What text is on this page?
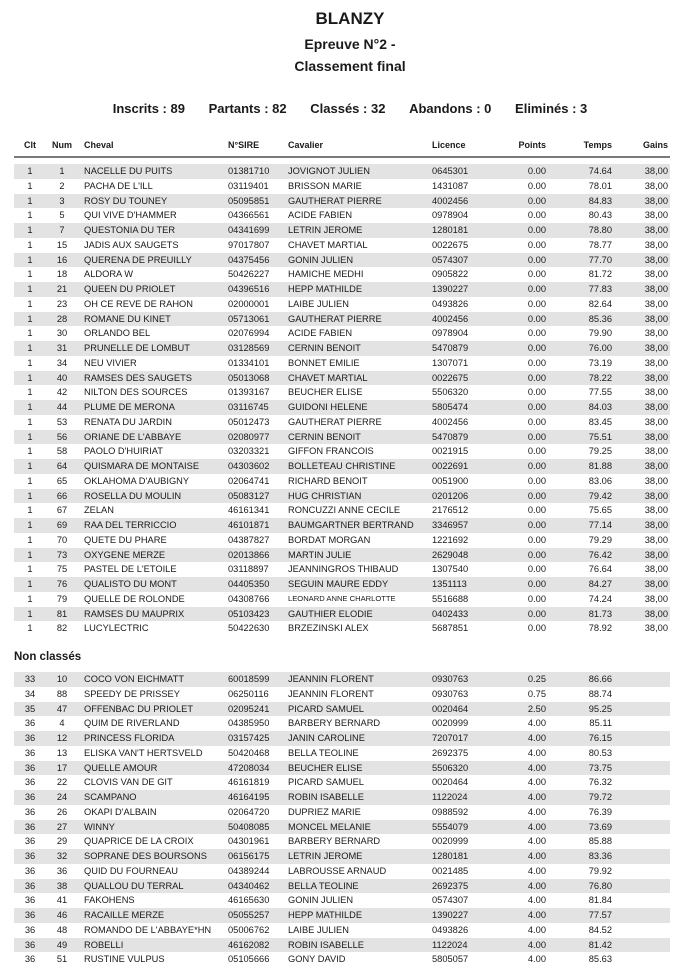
BLANZY
Epreuve N°2 -
Classement final
Inscrits : 89 Partants : 82 Classés : 32 Abandons : 0 Eliminés : 3
Clt	Num	Cheval	N°SIRE	Cavalier	Licence	Points	Temps	Gains
1	1	NACELLE DU PUITS	01381710 JOVIGNOT JULIEN	0645301	0.00	74.64	38,00
1	2	PACHA DE L'ILL	03119401 BRISSON MARIE	1431087	0.00	78.01	38,00
1	3	ROSY DU TOUNEY	05095851 GAUTHERAT PIERRE	4002456	0.00	84.83	38,00
1	5	QUI VIVE D'HAMMER	04366561 ACIDE FABIEN	0978904	0.00	80.43	38,00
1	7	QUESTONIA DU TER	04341699 LETRIN JEROME	1280181	0.00	78.80	38,00
1	15	JADIS AUX SAUGETS	97017807 CHAVET MARTIAL	0022675	0.00	78.77	38,00
1	16	QUERENA DE PREUILLY	04375456 GONIN JULIEN	0574307	0.00	77.70	38,00
1	18	ALDORA W	50426227 HAMICHE MEDHI	0905822	0.00	81.72	38,00
1	21	QUEEN DU PRIOLET	04396516 HEPP MATHILDE	1390227	0.00	77.83	38,00
1	23	OH CE REVE DE RAHON	02000001 LAIBE JULIEN	0493826	0.00	82.64	38,00
1	28	ROMANE DU KINET	05713061 GAUTHERAT PIERRE	4002456	0.00	85.36	38,00
1	30	ORLANDO BEL	02076994 ACIDE FABIEN	0978904	0.00	79.90	38,00
1	31	PRUNELLE DE LOMBUT	03128569 CERNIN BENOIT	5470879	0.00	76.00	38,00
1	34	NEU VIVIER	01334101 BONNET EMILIE	1307071	0.00	73.19	38,00
1	40	RAMSES DES SAUGETS	05013068 CHAVET MARTIAL	0022675	0.00	78.22	38,00
1	42	NILTON DES SOURCES	01393167 BEUCHER ELISE	5506320	0.00	77.55	38,00
1	44	PLUME DE MERONA	03116745 GUIDONI HELENE	5805474	0.00	84.03	38,00
1	53	RENATA DU JARDIN	05012473 GAUTHERAT PIERRE	4002456	0.00	83.45	38,00
1	56	ORIANE DE L'ABBAYE	02080977 CERNIN BENOIT	5470879	0.00	75.51	38,00
1	58	PAOLO D'HUIRIAT	03203321 GIFFON FRANCOIS	0021915	0.00	79.25	38,00
1	64	QUISMARA DE MONTAISE	04303602 BOLLETEAU CHRISTINE	0022691	0.00	81.88	38,00
1	65	OKLAHOMA D'AUBIGNY	02064741 RICHARD BENOIT	0051900	0.00	83.06	38,00
1	66	ROSELLA DU MOULIN	05083127 HUG CHRISTIAN	0201206	0.00	79.42	38,00
1	67	ZELAN	46161341 RONCUZZI ANNE CECILE	2176512	0.00	75.65	38,00
1	69	RAA DEL TERRICCIO	46101871 BAUMGARTNER BERTRAND 3346957	0.00	77.14	38,00
1	70	QUETE DU PHARE	04387827 BORDAT MORGAN	1221692	0.00	79.29	38,00
1	73	OXYGENE MERZE	02013866 MARTIN JULIE	2629048	0.00	76.42	38,00
1	75	PASTEL DE L'ETOILE	03118897 JEANNINGROS THIBAUD	1307540	0.00	76.64	38,00
1	76	QUALISTO DU MONT	04405350 SEGUIN MAURE EDDY	1351113	0.00	84.27	38,00
1	79	QUELLE DE ROLONDE	04308766 LEONARD ANNE CHARLOTTE	5516688	0.00	74.24	38,00
1	81	RAMSES DU MAUPRIX	05103423 GAUTHIER ELODIE	0402433	0.00	81.73	38,00
1	82	LUCYLECTRIC	50422630 BRZEZINSKI ALEX	5687851	0.00	78.92	38,00
Non classés
33	10	COCO VON EICHMATT	60018599 JEANNIN FLORENT	0930763	0.25	86.66
34	88	SPEEDY DE PRISSEY	06250116 JEANNIN FLORENT	0930763	0.75	88.74
35	47	OFFENBAC DU PRIOLET	02095241 PICARD SAMUEL	0020464	2.50	95.25
36	4	QUIM DE RIVERLAND	04385950 BARBERY BERNARD	0020999	4.00	85.11
36	12	PRINCESS FLORIDA	03157425 JANIN CAROLINE	7207017	4.00	76.15
36	13	ELISKA VAN'T HERTSVELD	50420468 BELLA TEOLINE	2692375	4.00	80.53
36	17	QUELLE AMOUR	47208034 BEUCHER ELISE	5506320	4.00	73.75
36	22	CLOVIS VAN DE GIT	46161819 PICARD SAMUEL	0020464	4.00	76.32
36	24	SCAMPANO	46164195 ROBIN ISABELLE	1122024	4.00	79.72
36	26	OKAPI D'ALBAIN	02064720 DUPRIEZ MARIE	0988592	4.00	76.39
36	27	WINNY	50408085 MONCEL MELANIE	5554079	4.00	73.69
36	29	QUAPRICE DE LA CROIX	04301961 BARBERY BERNARD	0020999	4.00	85.88
36	32	SOPRANE DES BOURSONS 06156175 LETRIN JEROME	1280181	4.00	83.36
36	36	QUID DU FOURNEAU	04389244 LABROUSSE ARNAUD	0021485	4.00	79.92
36	38	QUALLOU DU TERRAL	04340462 BELLA TEOLINE	2692375	4.00	76.80
36	41	FAKOHENS	46165630 GONIN JULIEN	0574307	4.00	81.84
36	46	RACAILLE MERZE	05055257 HEPP MATHILDE	1390227	4.00	77.57
36	48	ROMANDO DE L'ABBAYE*HN 05006762 LAIBE JULIEN	0493826	4.00	84.52
36	49	ROBELLI	46162082 ROBIN ISABELLE	1122024	4.00	81.42
36	51	RUSTINE VULPUS	05105666 GONY DAVID	5805057	4.00	85.63
